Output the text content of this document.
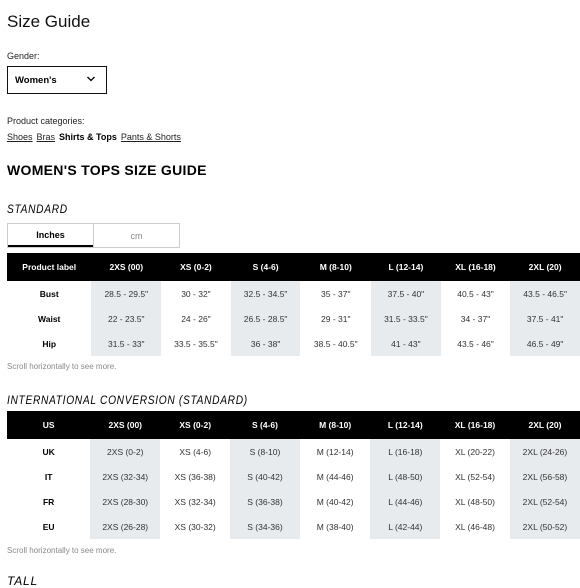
Size Guide
Gender:
Women's
Product categories:
Shoes Bras Shirts & Tops Pants & Shorts
WOMEN'S TOPS SIZE GUIDE
STANDARD
Inches	cm
Product label	2XS (00)	XS (0-2)	S (4-6)	M (8-10)	L (12-14)	XL (16-18)	2XL (20)
Bust	28.5 - 29.5"	30 - 32"	32.5 - 34.5"	35 - 37"	37.5 - 40"	40.5 - 43"	43.5 - 46.5"
Waist	22 - 23.5"	24 - 26"	26.5 - 28.5"	29 - 31"	31.5 - 33.5"	34 - 37"	37.5 - 41"
Hip	31.5 - 33"	33.5 - 35.5"	36 - 38"	38.5 - 40.5"	41 - 43"	43.5 - 46"	46.5 - 49"
Scroll horizontally to see more.
INTERNATIONAL CONVERSION (STANDARD)
US	2XS (00)	XS (0-2)	S (4-6)	M (8-10)	L (12-14)	XL (16-18)	2XL (20)
UK	2XS (0-2)	XS (4-6)	S (8-10)	M (12-14)	L (16-18)	XL (20-22)	2XL (24-26)
IT	2XS (32-34)	XS (36-38)	S (40-42)	M (44-46)	L (48-50)	XL (52-54)	2XL (56-58)
FR	2XS (28-30)	XS (32-34)	S (36-38)	M (40-42)	L (44-46)	XL (48-50)	2XL (52-54)
EU	2XS (26-28)	XS (30-32)	S (34-36)	M (38-40)	L (42-44)	XL (46-48)	2XL (50-52)
Scroll horizontally to see more.
TALL
